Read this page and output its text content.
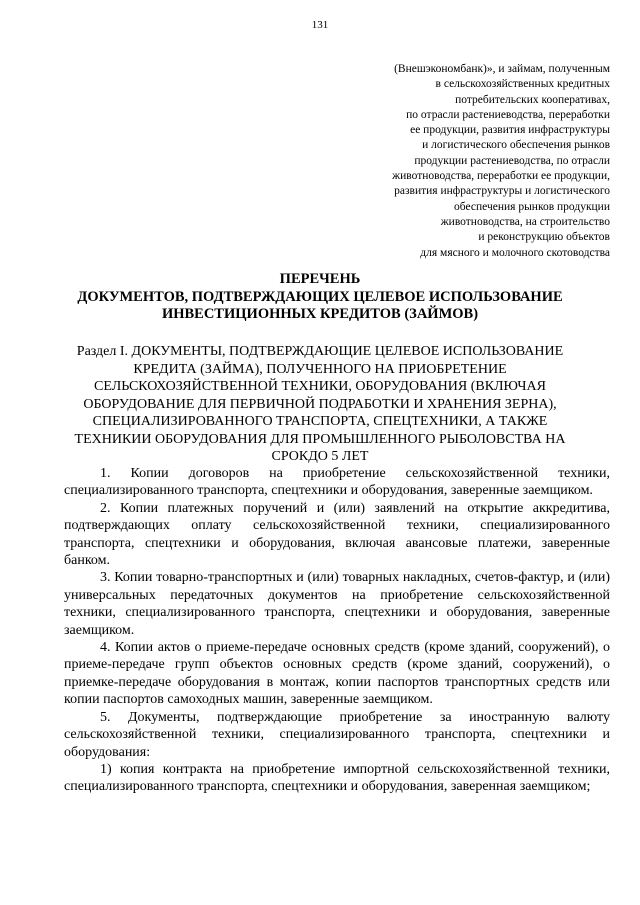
131
(Внешэкономбанк)», и займам, полученным
в сельскохозяйственных кредитных
потребительских кооперативах,
по отрасли растениеводства, переработки
ее продукции, развития инфраструктуры
и логистического обеспечения рынков
продукции растениеводства, по отрасли
животноводства, переработки ее продукции,
развития инфраструктуры и логистического
обеспечения рынков продукции
животноводства, на строительство
и реконструкцию объектов
для мясного и молочного скотоводства
ПЕРЕЧЕНЬ
ДОКУМЕНТОВ, ПОДТВЕРЖДАЮЩИХ ЦЕЛЕВОЕ ИСПОЛЬЗОВАНИЕ
ИНВЕСТИЦИОННЫХ КРЕДИТОВ (ЗАЙМОВ)
Раздел I. ДОКУМЕНТЫ, ПОДТВЕРЖДАЮЩИЕ ЦЕЛЕВОЕ ИСПОЛЬЗОВАНИЕ
КРЕДИТА (ЗАЙМА), ПОЛУЧЕННОГО НА ПРИОБРЕТЕНИЕ
СЕЛЬСКОХОЗЯЙСТВЕННОЙ ТЕХНИКИ, ОБОРУДОВАНИЯ (ВКЛЮЧАЯ
ОБОРУДОВАНИЕ ДЛЯ ПЕРВИЧНОЙ ПОДРАБОТКИ И ХРАНЕНИЯ ЗЕРНА),
СПЕЦИАЛИЗИРОВАННОГО ТРАНСПОРТА, СПЕЦТЕХНИКИ, А ТАКЖЕ
ТЕХНИКИИ ОБОРУДОВАНИЯ ДЛЯ ПРОМЫШЛЕННОГО РЫБОЛОВСТВА НА
СРОКДО 5 ЛЕТ

1. Копии договоров на приобретение сельскохозяйственной техники, специализированного транспорта, спецтехники и оборудования, заверенные заемщиком.

2. Копии платежных поручений и (или) заявлений на открытие аккредитива, подтверждающих оплату сельскохозяйственной техники, специализированного транспорта, спецтехники и оборудования, включая авансовые платежи, заверенные банком.

3. Копии товарно-транспортных и (или) товарных накладных, счетов-фактур, и (или) универсальных передаточных документов на приобретение сельскохозяйственной техники, специализированного транспорта, спецтехники и оборудования, заверенные заемщиком.

4. Копии актов о приеме-передаче основных средств (кроме зданий, сооружений), о приеме-передаче групп объектов основных средств (кроме зданий, сооружений), о приемке-передаче оборудования в монтаж, копии паспортов транспортных средств или копии паспортов самоходных машин, заверенные заемщиком.

5. Документы, подтверждающие приобретение за иностранную валюту сельскохозяйственной техники, специализированного транспорта, спецтехники и оборудования:

1) копия контракта на приобретение импортной сельскохозяйственной техники, специализированного транспорта, спецтехники и оборудования, заверенная заемщиком;
